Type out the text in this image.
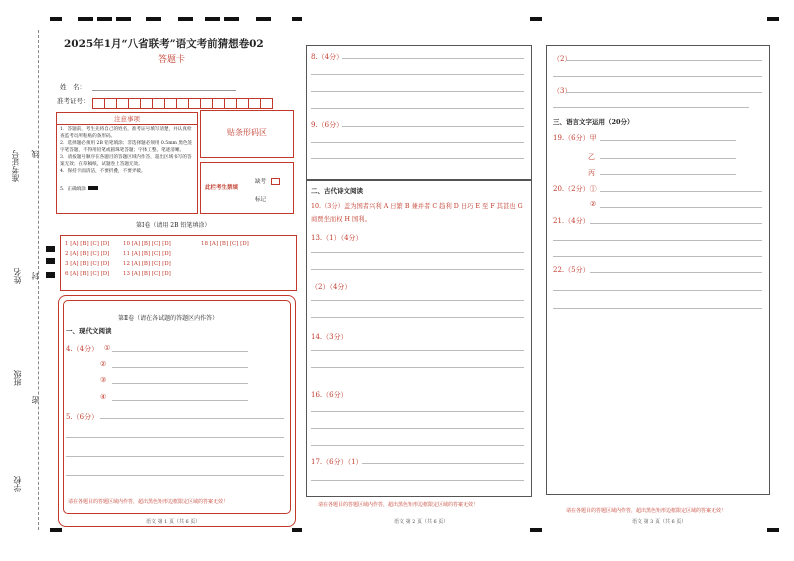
准考证号 线
姓名 封
班级
密
学校
2025年1月“八省联考”语文考前猜想卷02
答题卡
姓　名：
准考证号：
注意事项
1．答题前，考生先将自己的姓名，准考证号填写清楚，并认真检查监考员所粘贴的条形码。
2．选择题必须用 2B 铅笔填涂；非选择题必须用 0.5mm 黑色签字笔答题，不得用铅笔或圆珠笔答题；字体工整、笔迹清晰。
3．请按题号顺序在各题目的答题区域内作答，超出区域书写的答案无效；在草稿纸、试题卷上答题无效。
4．保持卡面清洁，不要折叠，不要弄破。
5．正确填涂
贴条形码区
此栏考生禁填
缺考
标记
第Ⅰ卷（请用 2B 铅笔填涂）
1 [A] [B] [C] [D]
2 [A] [B] [C] [D]
3 [A] [B] [C] [D]
6 [A] [B] [C] [D]
10 [A] [B] [C] [D]
11 [A] [B] [C] [D]
12 [A] [B] [C] [D]
13 [A] [B] [C] [D]
18 [A] [B] [C] [D]
第Ⅱ卷（请在各试题的答题区内作答）
一、现代文阅读
4.（4分） ①
②
③
④
5.（6分）
请在各题目的答题区域内作答，超出黑色矩形边框限定区域的答案无效！
语文 第 1 页（共 6 页）
8.（4分）
9.（6分）
二、古代诗文阅读
10.（3分）盖为国者兴利 A 日繁 B 兼并者 C 趋利 D 日巧 E 至 F 其甚也 G 商贾坐而权 H 国利。
13.（1）（4分）
（2）（4分）
14.（3分）
16.（6分）
17.（6分）（1）
请在各题目的答题区域内作答，超出黑色矩形边框限定区域的答案无效！
语文 第 2 页（共 6 页）
（2）
（3）
三、语言文字运用（20分）
19.（6分）甲
乙
丙
20.（2分）①
②
21.（4分）
22.（5分）
请在各题目的答题区域内作答，超出黑色矩形边框限定区域的答案无效！
语文 第 3 页（共 6 页）
